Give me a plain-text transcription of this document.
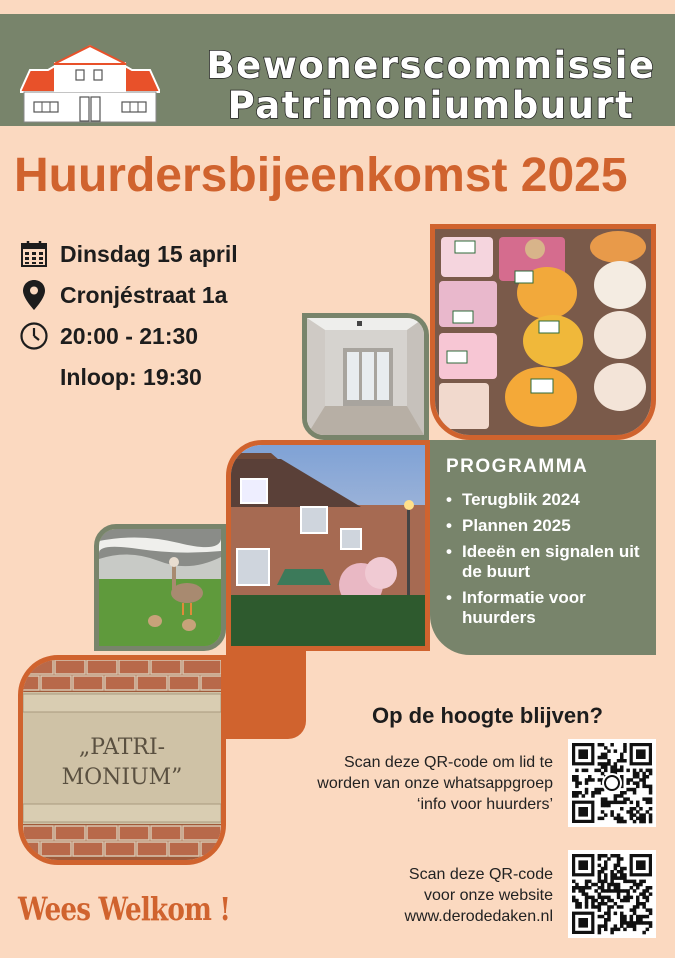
Bewonerscommissie
Patrimoniumbuurt
Huurdersbijeenkomst 2025
Dinsdag 15 april
Cronjéstraat 1a
20:00 - 21:30
Inloop: 19:30
PROGRAMMA
• Terugblik 2024
• Plannen 2025
• Ideeën en signalen uit de buurt
• Informatie voor huurders
„PATRI-
MONIUM”
Op de hoogte blijven?
Scan deze QR-code om lid te
worden van onze whatsappgroep
‘info voor huurders’
Scan deze QR-code
voor onze website
www.derodedaken.nl
Wees Welkom !
